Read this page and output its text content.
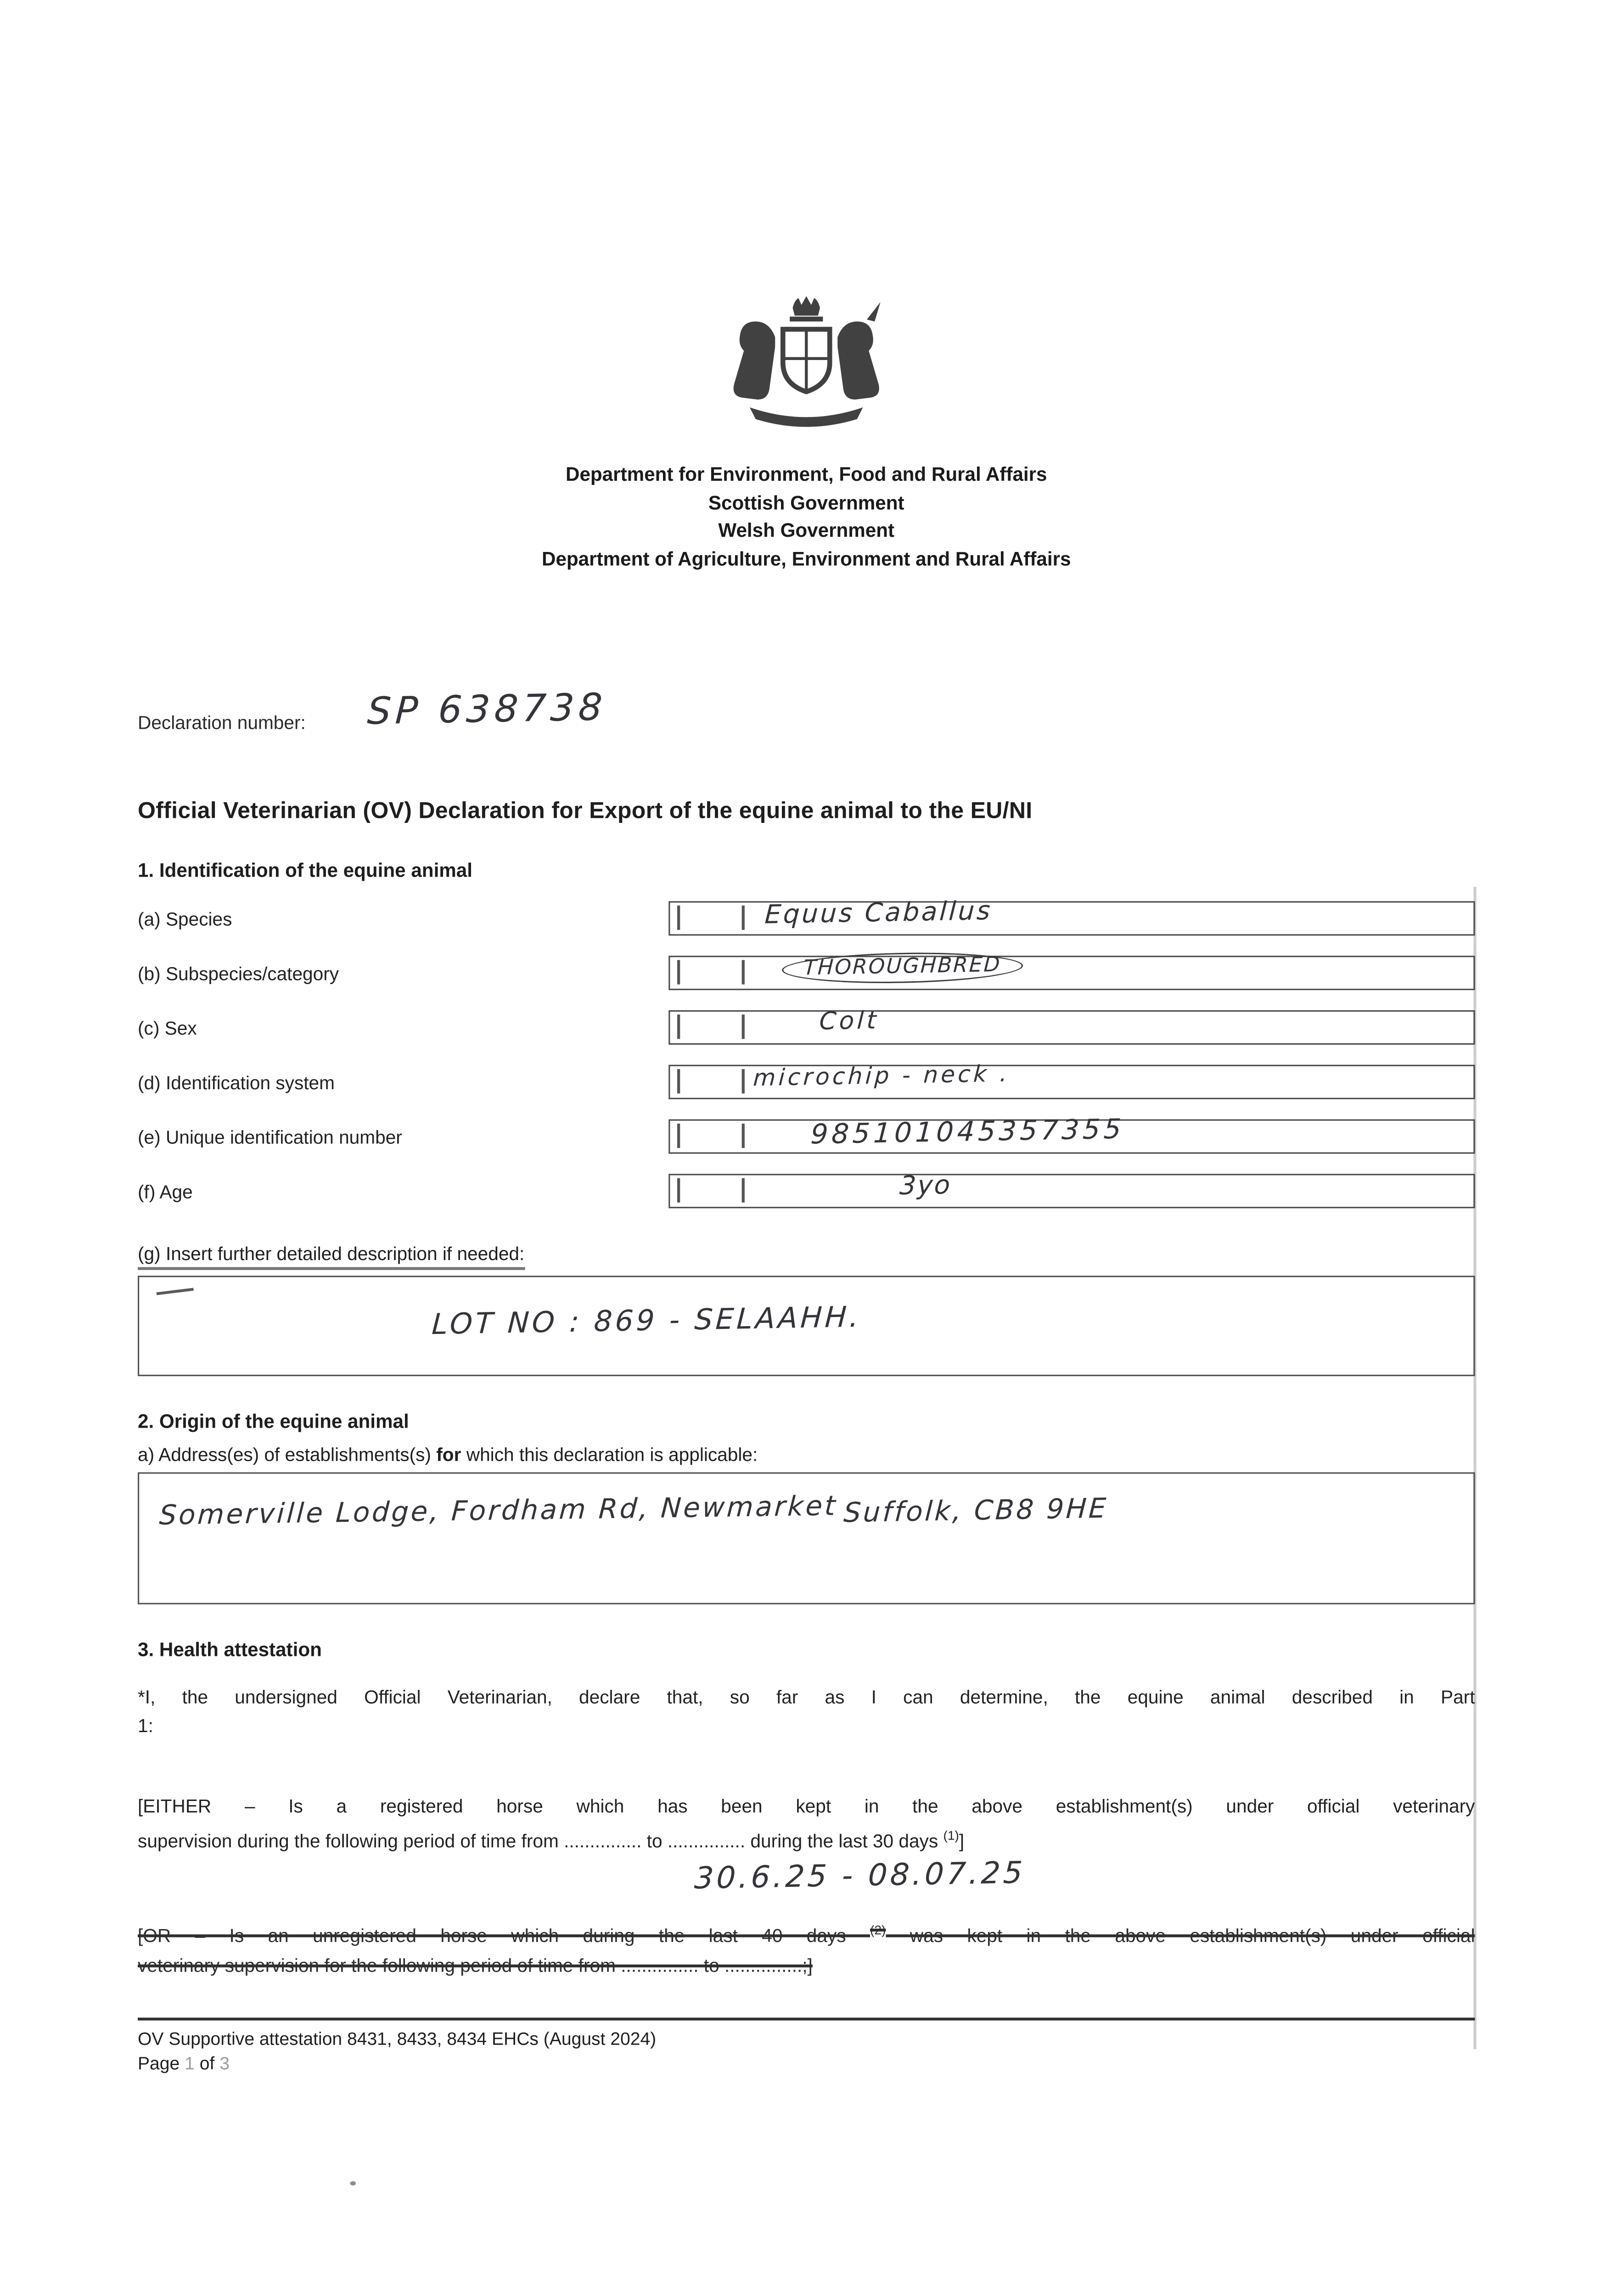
Department for Environment, Food and Rural Affairs
Scottish Government
Welsh Government
Department of Agriculture, Environment and Rural Affairs
Declaration number:	SP 638738
Official Veterinarian (OV) Declaration for Export of the equine animal to the EU/NI
1. Identification of the equine animal
(a) Species	Equus Caballus
(b) Subspecies/category	THOROUGHBRED
(c) Sex	Colt
(d) Identification system	microchip - neck .
(e) Unique identification number	985101045357355
(f) Age	3yo
(g) Insert further detailed description if needed:
LOT NO : 869 - SELAAHH.
2. Origin of the equine animal
a) Address(es) of establishments(s) for which this declaration is applicable:
Somerville Lodge, Fordham Rd, Newmarket Suffolk, CB8 9HE
3. Health attestation
*I, the undersigned Official Veterinarian, declare that, so far as I can determine, the equine animal described in Part
1:
[EITHER – Is a registered horse which has been kept in the above establishment(s) under official veterinary
supervision during the following period of time from ............... to ............... during the last 30 days $^{(1)}$]
30.6.25 - 08.07.25
[OR – Is an unregistered horse which during the last 40 days $^{(2)}$ was kept in the above establishment(s) under official
veterinary supervision for the following period of time from ............... to ...............;]
OV Supportive attestation 8431, 8433, 8434 EHCs (August 2024)
Page 1 of 3
